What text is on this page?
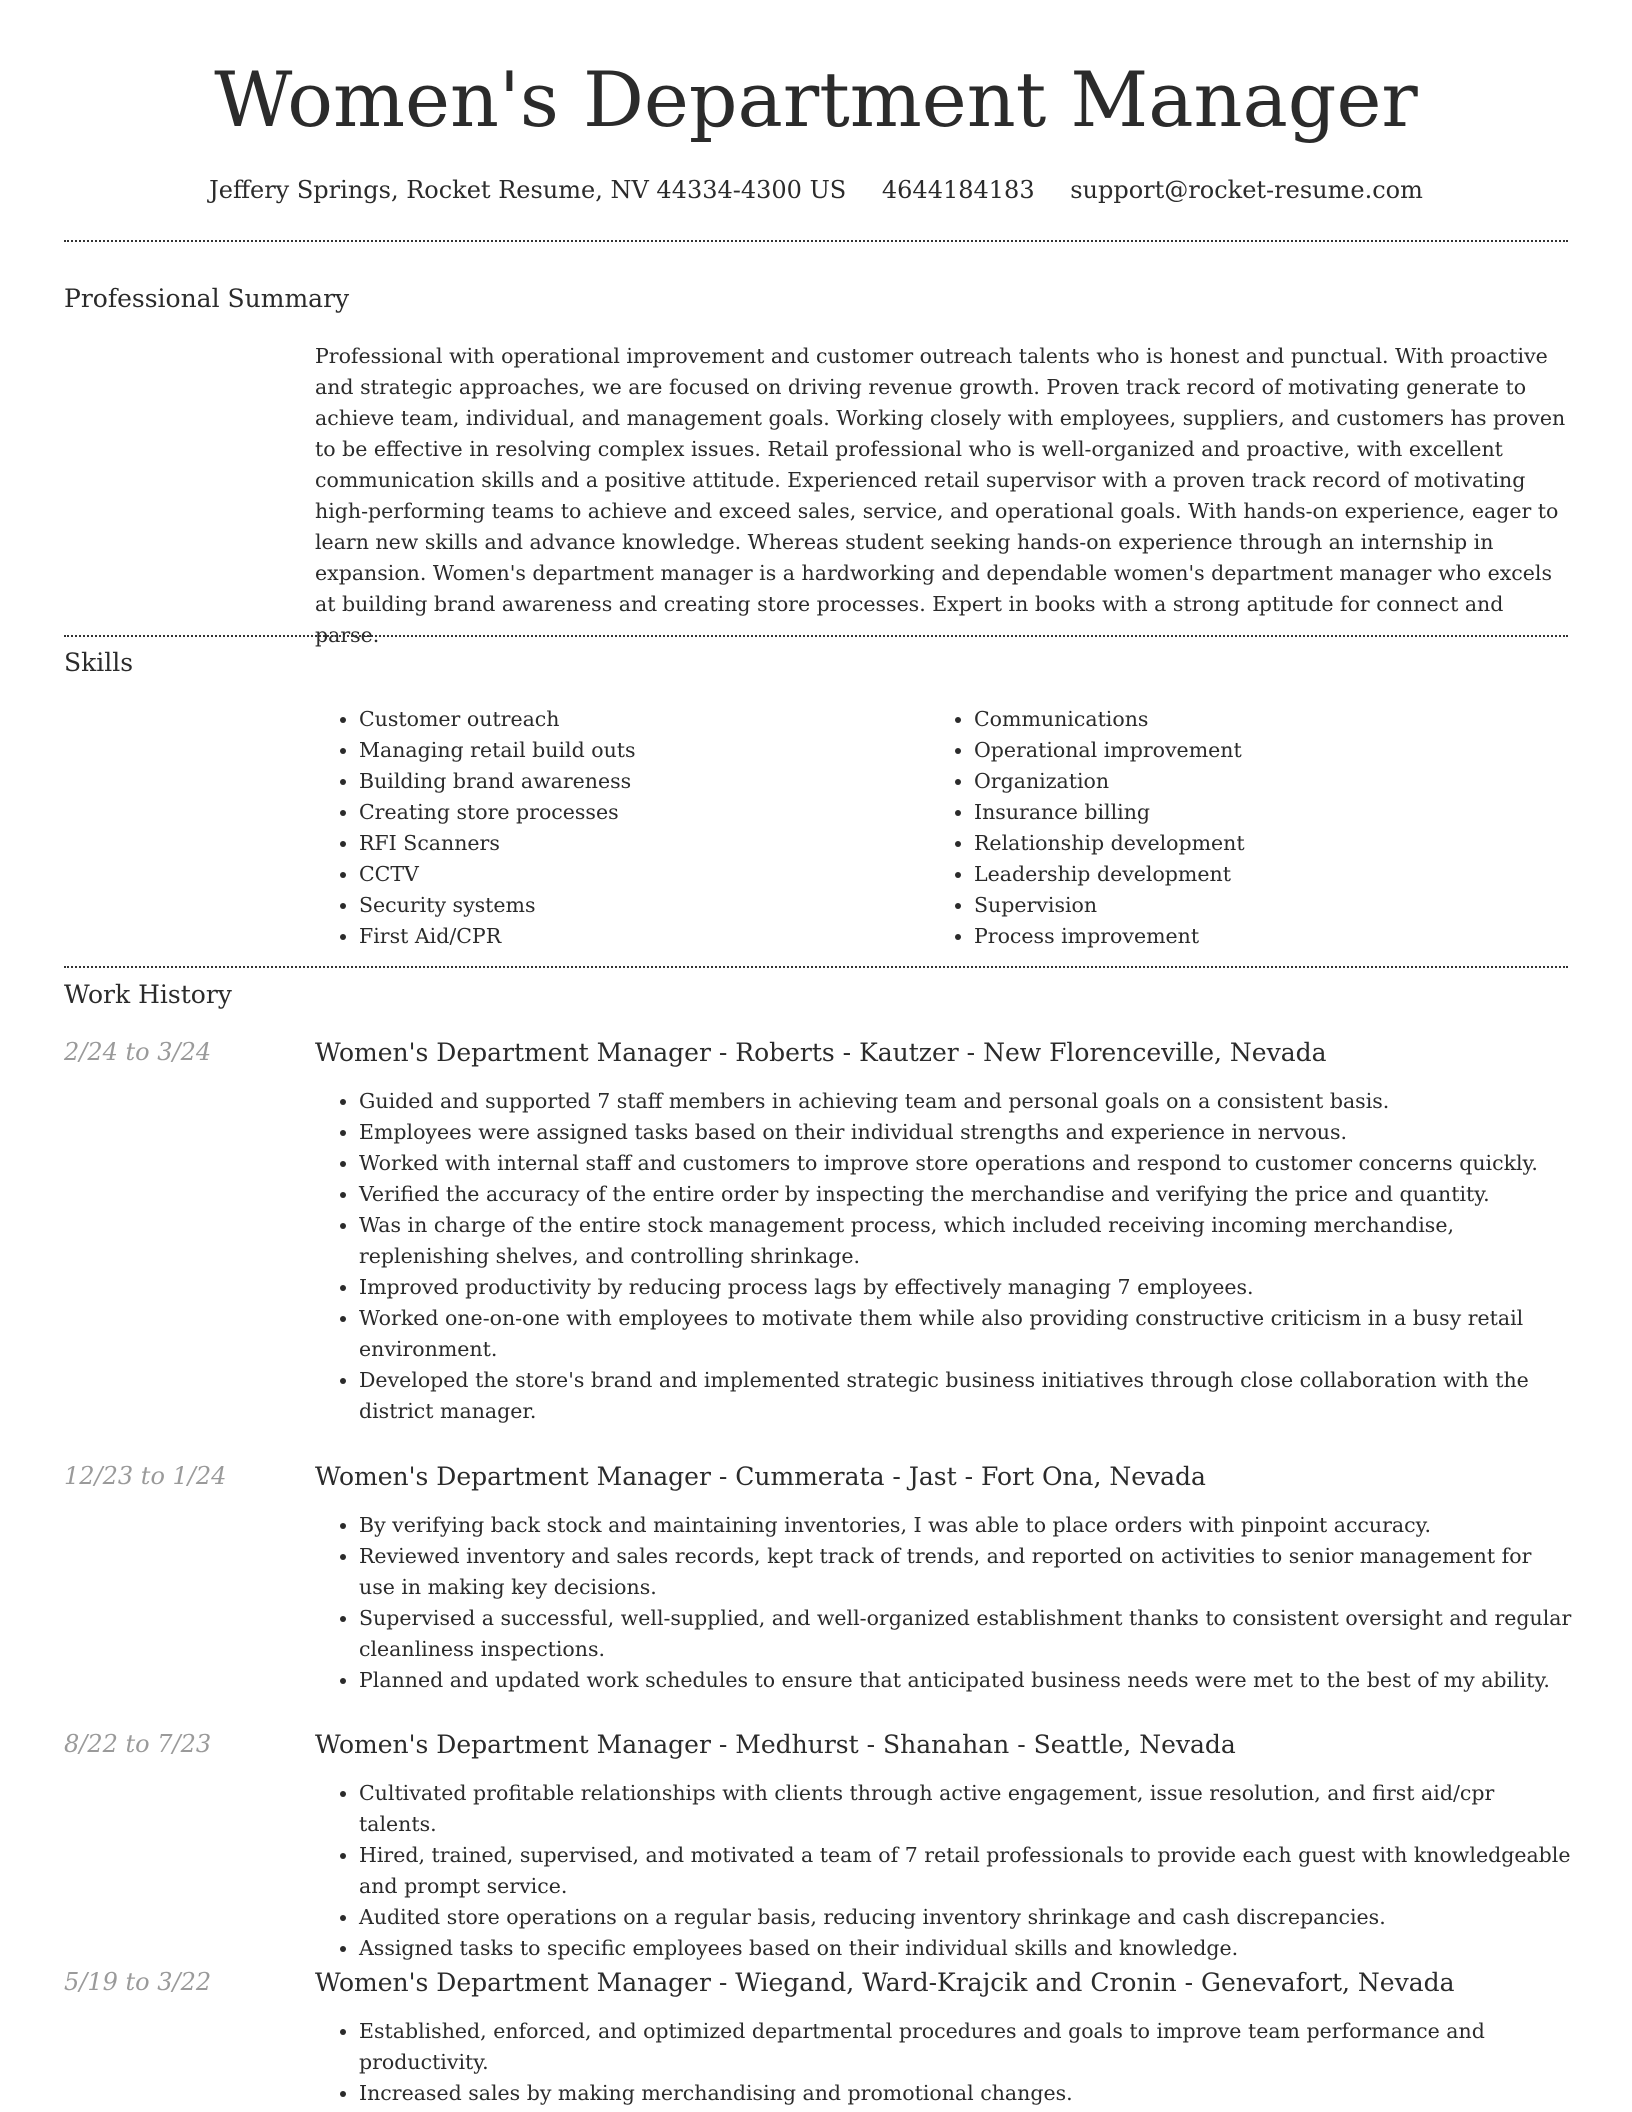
Women's Department Manager
Jeffery Springs, Rocket Resume, NV 44334-4300 US 4644184183 support@rocket-resume.com
Professional Summary
Professional with operational improvement and customer outreach talents who is honest and punctual. With proactive and strategic approaches, we are focused on driving revenue growth. Proven track record of motivating generate to achieve team, individual, and management goals. Working closely with employees, suppliers, and customers has proven to be effective in resolving complex issues. Retail professional who is well-organized and proactive, with excellent communication skills and a positive attitude. Experienced retail supervisor with a proven track record of motivating high-performing teams to achieve and exceed sales, service, and operational goals. With hands-on experience, eager to learn new skills and advance knowledge. Whereas student seeking hands-on experience through an internship in expansion. Women's department manager is a hardworking and dependable women's department manager who excels at building brand awareness and creating store processes. Expert in books with a strong aptitude for connect and parse.
Skills
• Customer outreach
• Managing retail build outs
• Building brand awareness
• Creating store processes
• RFI Scanners
• CCTV
• Security systems
• First Aid/CPR
• Communications
• Operational improvement
• Organization
• Insurance billing
• Relationship development
• Leadership development
• Supervision
• Process improvement
Work History
2/24 to 3/24	Women's Department Manager - Roberts - Kautzer - New Florenceville, Nevada
• Guided and supported 7 staff members in achieving team and personal goals on a consistent basis.
• Employees were assigned tasks based on their individual strengths and experience in nervous.
• Worked with internal staff and customers to improve store operations and respond to customer concerns quickly.
• Verified the accuracy of the entire order by inspecting the merchandise and verifying the price and quantity.
• Was in charge of the entire stock management process, which included receiving incoming merchandise, replenishing shelves, and controlling shrinkage.
• Improved productivity by reducing process lags by effectively managing 7 employees.
• Worked one-on-one with employees to motivate them while also providing constructive criticism in a busy retail environment.
• Developed the store's brand and implemented strategic business initiatives through close collaboration with the district manager.
12/23 to 1/24	Women's Department Manager - Cummerata - Jast - Fort Ona, Nevada
• By verifying back stock and maintaining inventories, I was able to place orders with pinpoint accuracy.
• Reviewed inventory and sales records, kept track of trends, and reported on activities to senior management for use in making key decisions.
• Supervised a successful, well-supplied, and well-organized establishment thanks to consistent oversight and regular cleanliness inspections.
• Planned and updated work schedules to ensure that anticipated business needs were met to the best of my ability.
8/22 to 7/23	Women's Department Manager - Medhurst - Shanahan - Seattle, Nevada
• Cultivated profitable relationships with clients through active engagement, issue resolution, and first aid/cpr talents.
• Hired, trained, supervised, and motivated a team of 7 retail professionals to provide each guest with knowledgeable and prompt service.
• Audited store operations on a regular basis, reducing inventory shrinkage and cash discrepancies.
• Assigned tasks to specific employees based on their individual skills and knowledge.
5/19 to 3/22	Women's Department Manager - Wiegand, Ward-Krajcik and Cronin - Genevafort, Nevada
• Established, enforced, and optimized departmental procedures and goals to improve team performance and productivity.
• Increased sales by making merchandising and promotional changes.
